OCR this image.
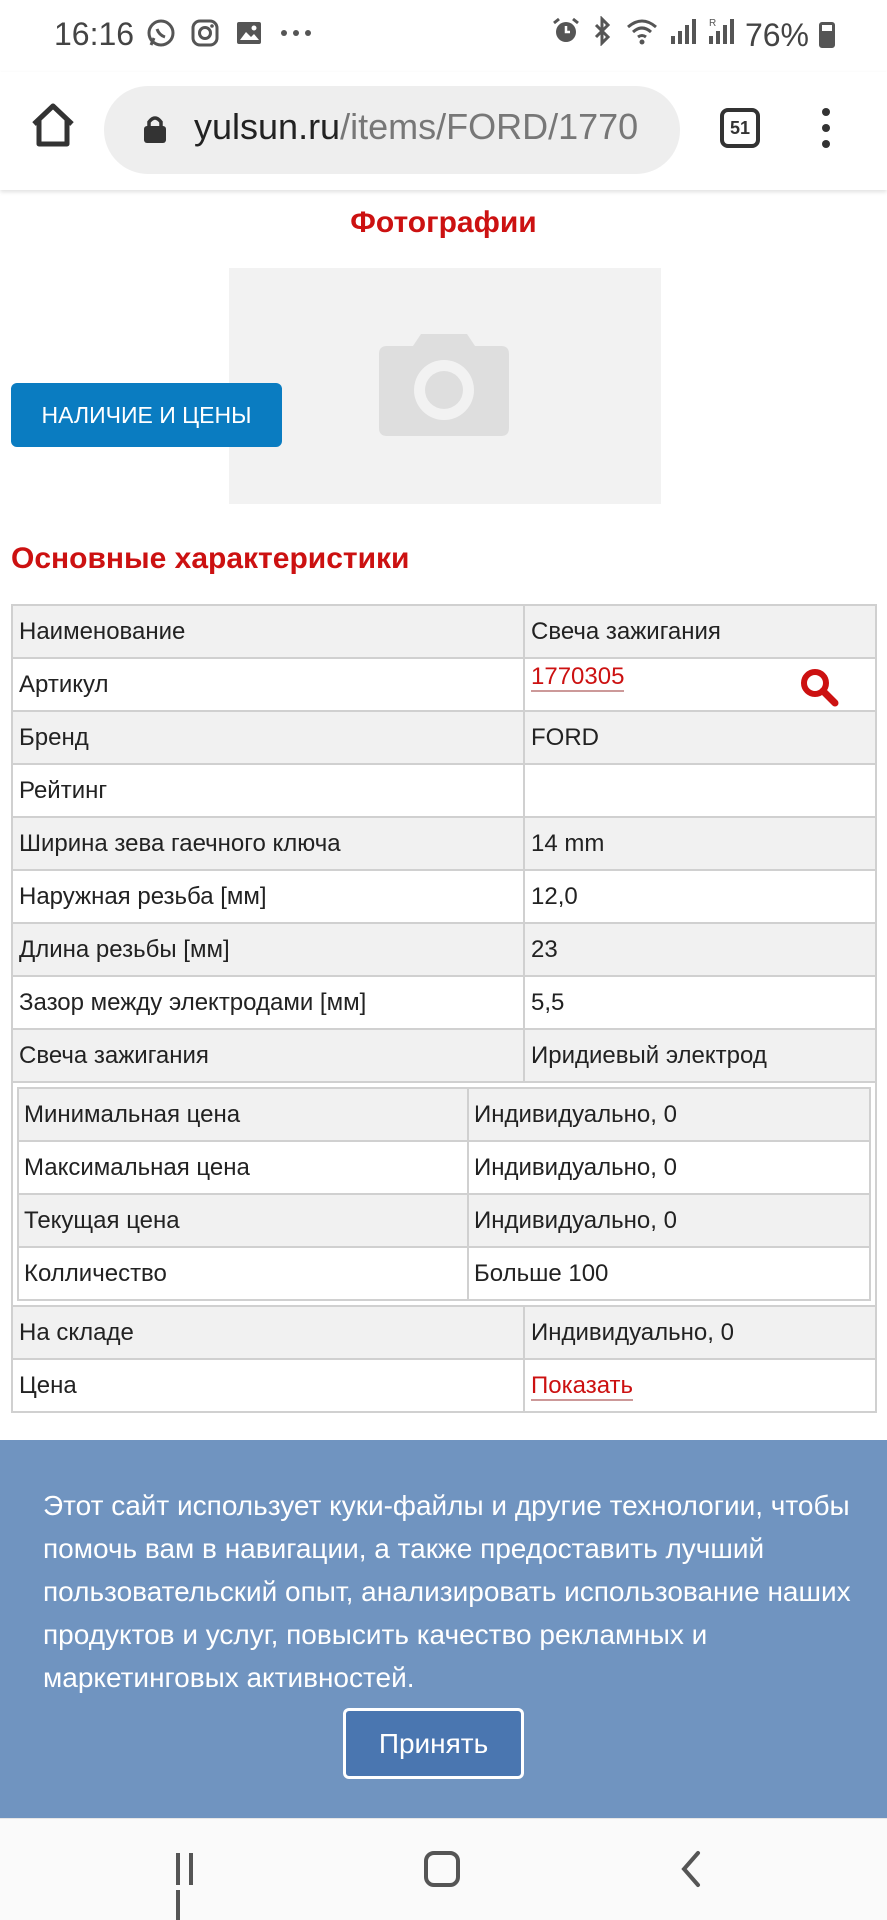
16:16	R 76%
yulsun.ru/items/FORD/1770	51
Фотографии
НАЛИЧИЕ И ЦЕНЫ
Основные характеристики
Наименование	Свеча зажигания
Артикул	1770305

Бренд	FORD
Рейтинг	
Ширина зева гаечного ключа	14 mm
Наружная резьба [мм]	12,0
Длина резьбы [мм]	23
Зазор между электродами [мм]	5,5
Свеча зажигания	Иридиевый электрод

Минимальная цена	Индивидуально, 0
Максимальная цена	Индивидуально, 0
Текущая цена	Индивидуально, 0
Колличество	Больше 100

На складе	Индивидуально, 0
Цена	Показать
Этот сайт использует куки-файлы и другие технологии, чтобы помочь вам в навигации, а также предоставить лучший пользовательский опыт, анализировать использование наших продуктов и услуг, повысить качество рекламных и маркетинговых активностей.
Принять
